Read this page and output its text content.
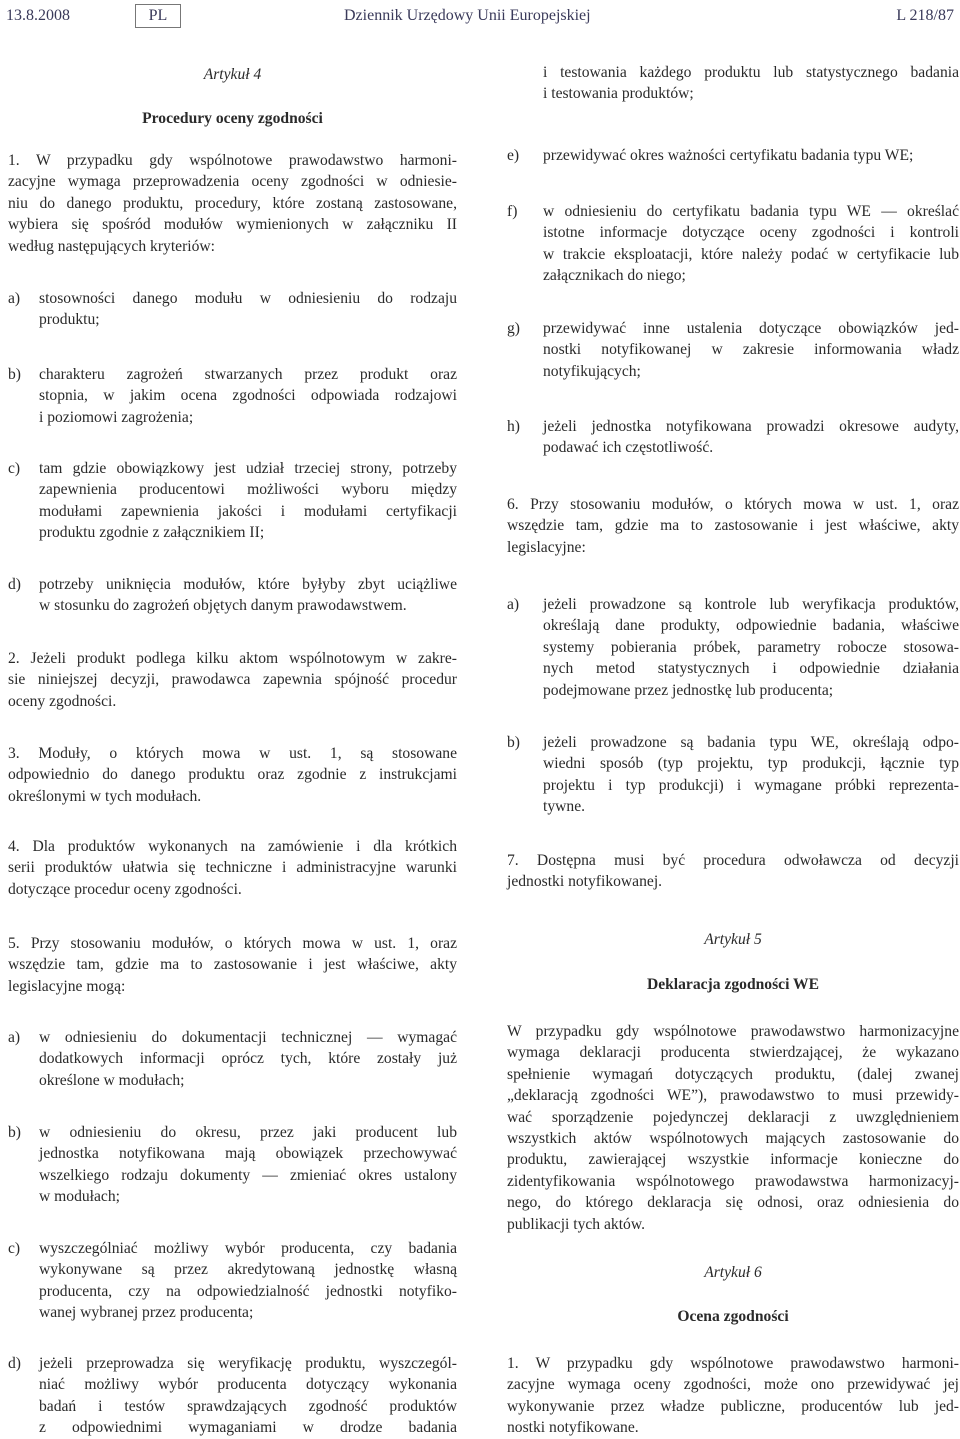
13.8.2008	PL	Dziennik Urzędowy Unii Europejskiej	L 218/87
Artykuł 4
Procedury oceny zgodności
1. W przypadku gdy wspólnotowe prawodawstwo harmoni-
zacyjne wymaga przeprowadzenia oceny zgodności w odniesie-
niu do danego produktu, procedury, które zostaną zastosowane,
wybiera się spośród modułów wymienionych w załączniku II
według następujących kryteriów:
a) stosowności danego modułu w odniesieniu do rodzaju
produktu;
b) charakteru zagrożeń stwarzanych przez produkt oraz
stopnia, w jakim ocena zgodności odpowiada rodzajowi
i poziomowi zagrożenia;
c) tam gdzie obowiązkowy jest udział trzeciej strony, potrzeby
zapewnienia producentowi możliwości wyboru między
modułami zapewnienia jakości i modułami certyfikacji
produktu zgodnie z załącznikiem II;
d) potrzeby uniknięcia modułów, które byłyby zbyt uciążliwe
w stosunku do zagrożeń objętych danym prawodawstwem.
2. Jeżeli produkt podlega kilku aktom wspólnotowym w zakre-
sie niniejszej decyzji, prawodawca zapewnia spójność procedur
oceny zgodności.
3. Moduły, o których mowa w ust. 1, są stosowane
odpowiednio do danego produktu oraz zgodnie z instrukcjami
określonymi w tych modułach.
4. Dla produktów wykonanych na zamówienie i dla krótkich
serii produktów ułatwia się techniczne i administracyjne warunki
dotyczące procedur oceny zgodności.
5. Przy stosowaniu modułów, o których mowa w ust. 1, oraz
wszędzie tam, gdzie ma to zastosowanie i jest właściwe, akty
legislacyjne mogą:
a) w odniesieniu do dokumentacji technicznej — wymagać
dodatkowych informacji oprócz tych, które zostały już
określone w modułach;
b) w odniesieniu do okresu, przez jaki producent lub
jednostka notyfikowana mają obowiązek przechowywać
wszelkiego rodzaju dokumenty — zmieniać okres ustalony
w modułach;
c) wyszczególniać możliwy wybór producenta, czy badania
wykonywane są przez akredytowaną jednostkę własną
producenta, czy na odpowiedzialność jednostki notyfiko-
wanej wybranej przez producenta;
d) jeżeli przeprowadza się weryfikację produktu, wyszczegól-
niać możliwy wybór producenta dotyczący wykonania
badań i testów sprawdzających zgodność produktów
z odpowiednimi wymaganiami w drodze badania
i testowania każdego produktu lub statystycznego badania
i testowania produktów;
e) przewidywać okres ważności certyfikatu badania typu WE;
f) w odniesieniu do certyfikatu badania typu WE — określać
istotne informacje dotyczące oceny zgodności i kontroli
w trakcie eksploatacji, które należy podać w certyfikacie lub
załącznikach do niego;
g) przewidywać inne ustalenia dotyczące obowiązków jed-
nostki notyfikowanej w zakresie informowania władz
notyfikujących;
h) jeżeli jednostka notyfikowana prowadzi okresowe audyty,
podawać ich częstotliwość.
6. Przy stosowaniu modułów, o których mowa w ust. 1, oraz
wszędzie tam, gdzie ma to zastosowanie i jest właściwe, akty
legislacyjne:
a) jeżeli prowadzone są kontrole lub weryfikacja produktów,
określają dane produkty, odpowiednie badania, właściwe
systemy pobierania próbek, parametry robocze stosowa-
nych metod statystycznych i odpowiednie działania
podejmowane przez jednostkę lub producenta;
b) jeżeli prowadzone są badania typu WE, określają odpo-
wiedni sposób (typ projektu, typ produkcji, łącznie typ
projektu i typ produkcji) i wymagane próbki reprezenta-
tywne.
7. Dostępna musi być procedura odwoławcza od decyzji
jednostki notyfikowanej.
Artykuł 5
Deklaracja zgodności WE
W przypadku gdy wspólnotowe prawodawstwo harmonizacyjne
wymaga deklaracji producenta stwierdzającej, że wykazano
spełnienie wymagań dotyczących produktu, (dalej zwanej
„deklaracją zgodności WE”), prawodawstwo to musi przewidy-
wać sporządzenie pojedynczej deklaracji z uwzględnieniem
wszystkich aktów wspólnotowych mających zastosowanie do
produktu, zawierającej wszystkie informacje konieczne do
zidentyfikowania wspólnotowego prawodawstwa harmonizacyj-
nego, do którego deklaracja się odnosi, oraz odniesienia do
publikacji tych aktów.
Artykuł 6
Ocena zgodności
1. W przypadku gdy wspólnotowe prawodawstwo harmoni-
zacyjne wymaga oceny zgodności, może ono przewidywać jej
wykonywanie przez władze publiczne, producentów lub jed-
nostki notyfikowane.
